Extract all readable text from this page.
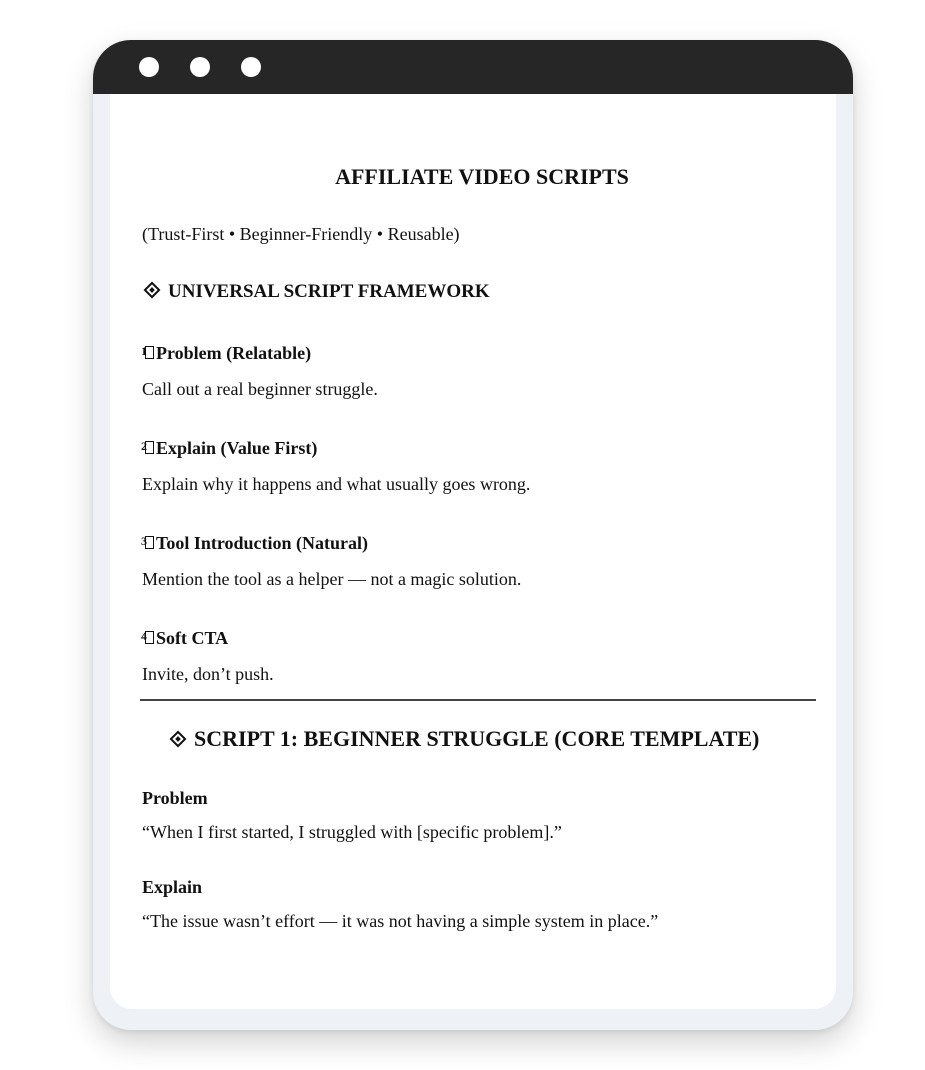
AFFILIATE VIDEO SCRIPTS
(Trust-First • Beginner-Friendly • Reusable)
UNIVERSAL SCRIPT FRAMEWORK
1 Problem (Relatable)
Call out a real beginner struggle.
2 Explain (Value First)
Explain why it happens and what usually goes wrong.
3 Tool Introduction (Natural)
Mention the tool as a helper — not a magic solution.
4 Soft CTA
Invite, don’t push.
SCRIPT 1: BEGINNER STRUGGLE (CORE TEMPLATE)
Problem
“When I first started, I struggled with [specific problem].”
Explain
“The issue wasn’t effort — it was not having a simple system in place.”
